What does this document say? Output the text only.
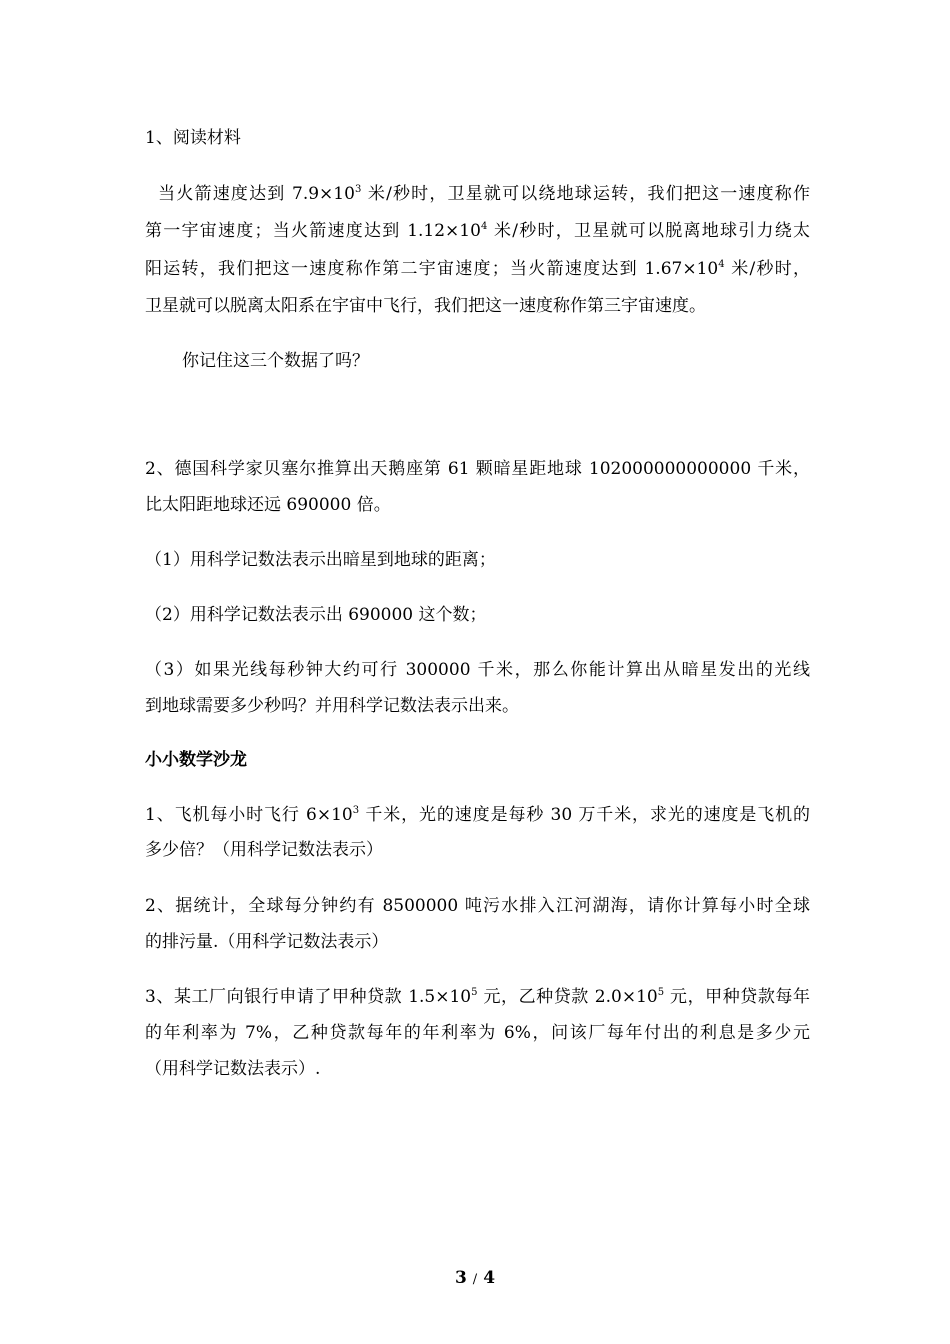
1、阅读材料
当火箭速度达到 $7.9\times 10^3$ 米/秒时，卫星就可以绕地球运转，我们把这一速度称作
第一宇宙速度；当火箭速度达到 $1.12\times 10^4$ 米/秒时，卫星就可以脱离地球引力绕太
阳运转，我们把这一速度称作第二宇宙速度；当火箭速度达到 $1.67\times 10^4$ 米/秒时，
卫星就可以脱离太阳系在宇宙中飞行，我们把这一速度称作第三宇宙速度。
你记住这三个数据了吗？
2、德国科学家贝塞尔推算出天鹅座第 61 颗暗星距地球 102000000000000 千米，
比太阳距地球还远 690000 倍。
（1）用科学记数法表示出暗星到地球的距离；
（2）用科学记数法表示出 690000 这个数；
（3）如果光线每秒钟大约可行 300000 千米，那么你能计算出从暗星发出的光线
到地球需要多少秒吗？并用科学记数法表示出来。
小小数学沙龙
1、飞机每小时飞行 $6\times 10^3$ 千米，光的速度是每秒 30 万千米，求光的速度是飞机的
多少倍？（用科学记数法表示）
2、据统计，全球每分钟约有 8500000 吨污水排入江河湖海，请你计算每小时全球
的排污量.（用科学记数法表示）
3、某工厂向银行申请了甲种贷款 $1.5\times 10^5$ 元，乙种贷款 $2.0\times 10^5$ 元，甲种贷款每年
的年利率为 7%，乙种贷款每年的年利率为 6%，问该厂每年付出的利息是多少元
（用科学记数法表示）.
3 / 4
